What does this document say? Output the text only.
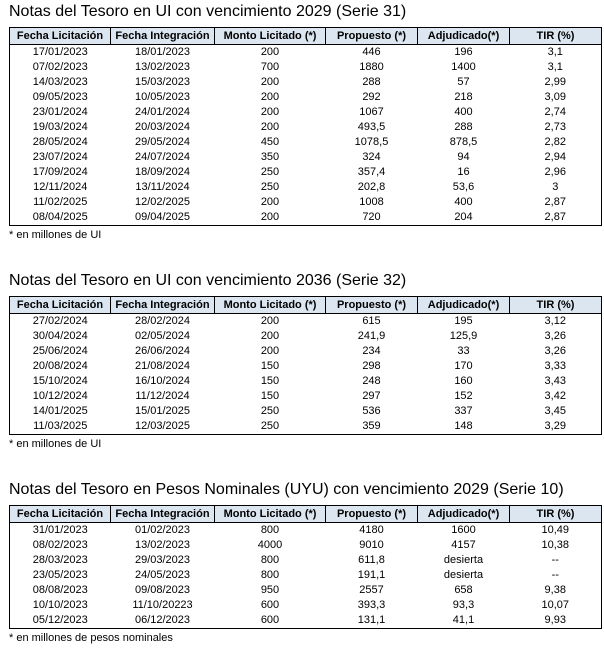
Notas del Tesoro en UI con vencimiento 2029 (Serie 31)
Fecha Licitación	Fecha Integración	Monto Licitado (*)	Propuesto (*)	Adjudicado(*)	TIR (%)
17/01/2023	18/01/2023	200	446	196	3,1
07/02/2023	13/02/2023	700	1880	1400	3,1
14/03/2023	15/03/2023	200	288	57	2,99
09/05/2023	10/05/2023	200	292	218	3,09
23/01/2024	24/01/2024	200	1067	400	2,74
19/03/2024	20/03/2024	200	493,5	288	2,73
28/05/2024	29/05/2024	450	1078,5	878,5	2,82
23/07/2024	24/07/2024	350	324	94	2,94
17/09/2024	18/09/2024	250	357,4	16	2,96
12/11/2024	13/11/2024	250	202,8	53,6	3
11/02/2025	12/02/2025	200	1008	400	2,87
08/04/2025	09/04/2025	200	720	204	2,87
* en millones de UI
Notas del Tesoro en UI con vencimiento 2036 (Serie 32)
Fecha Licitación	Fecha Integración	Monto Licitado (*)	Propuesto (*)	Adjudicado(*)	TIR (%)
27/02/2024	28/02/2024	200	615	195	3,12
30/04/2024	02/05/2024	200	241,9	125,9	3,26
25/06/2024	26/06/2024	200	234	33	3,26
20/08/2024	21/08/2024	150	298	170	3,33
15/10/2024	16/10/2024	150	248	160	3,43
10/12/2024	11/12/2024	150	297	152	3,42
14/01/2025	15/01/2025	250	536	337	3,45
11/03/2025	12/03/2025	250	359	148	3,29
* en millones de UI
Notas del Tesoro en Pesos Nominales (UYU) con vencimiento 2029 (Serie 10)
Fecha Licitación	Fecha Integración	Monto Licitado (*)	Propuesto (*)	Adjudicado(*)	TIR (%)
31/01/2023	01/02/2023	800	4180	1600	10,49
08/02/2023	13/02/2023	4000	9010	4157	10,38
28/03/2023	29/03/2023	800	611,8	desierta	--
23/05/2023	24/05/2023	800	191,1	desierta	--
08/08/2023	09/08/2023	950	2557	658	9,38
10/10/2023	11/10/20223	600	393,3	93,3	10,07
05/12/2023	06/12/2023	600	131,1	41,1	9,93
* en millones de pesos nominales
